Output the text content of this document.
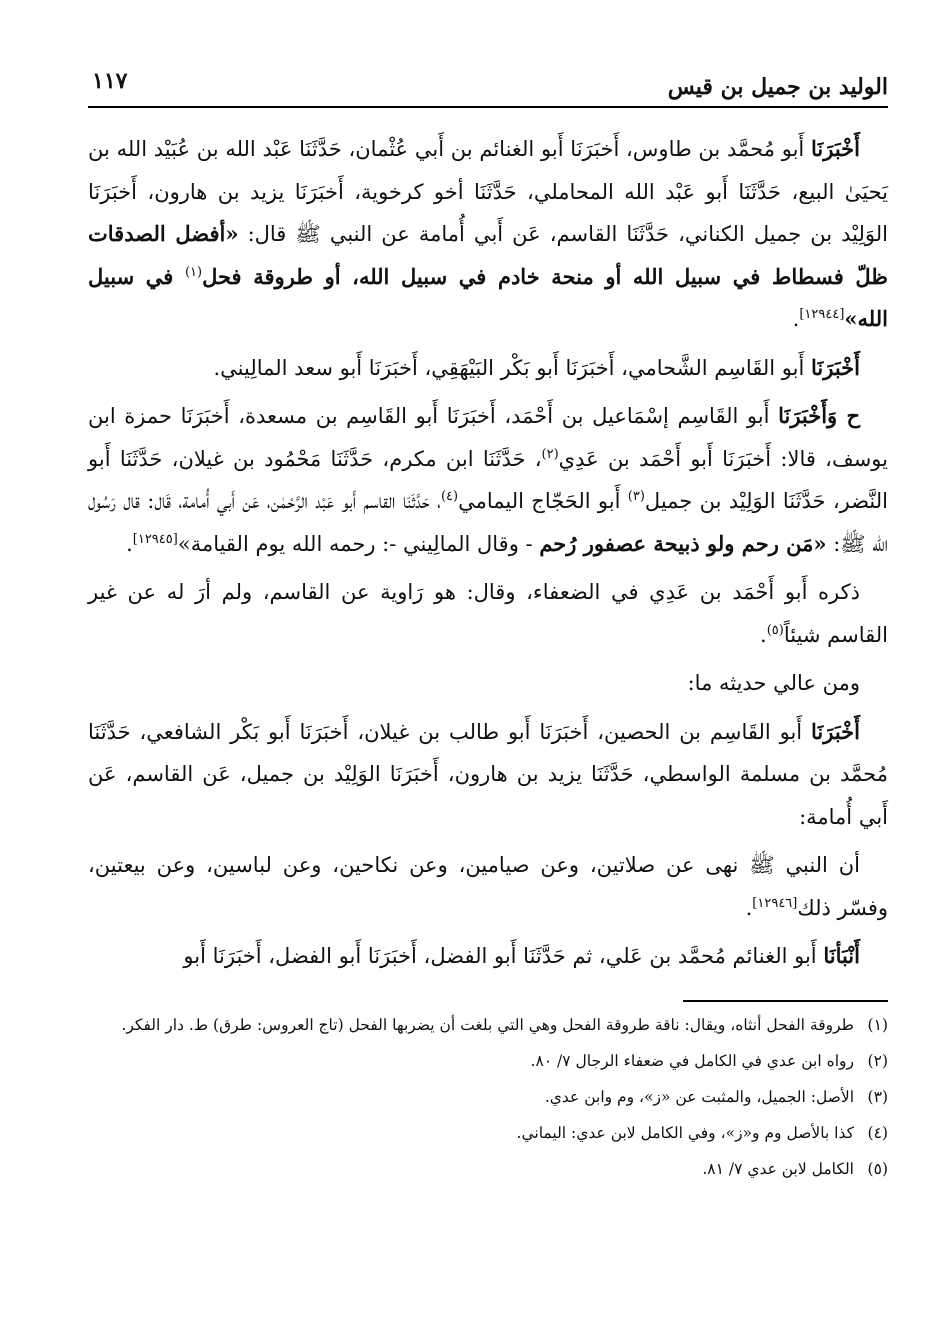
الوليد بن جميل بن قيس
١١٧

أَخْبَرَنَا أَبو مُحمَّد بن طاوس، أَخبَرَنَا أَبو الغنائم بن أَبي عُثْمان، حَدَّثَنَا عَبْد الله بن عُبَيْد الله بن يَحيَىٰ البيع، حَدَّثَنَا أَبو عَبْد الله المحاملي، حَدَّثَنَا أخو كرخوية، أَخبَرَنَا يزيد بن هارون، أَخبَرَنَا الوَلِيْد بن جميل الكناني، حَدَّثَنَا القاسم، عَن أَبي أُمامة عن النبي ﷺ قال: «أفضل الصدقات ظلّ فسطاط في سبيل الله أو منحة خادم في سبيل الله، أو طروقة فحل$^{(١)}$ في سبيل الله»[١٢٩٤٤].

أَخْبَرَنَا أَبو القَاسِم الشَّحامي، أَخبَرَنَا أَبو بَكْر البَيْهَقِي، أَخبَرَنَا أَبو سعد المالِيني.

ح وَأَخْبَرَنَا أَبو القَاسِم إسْمَاعيل بن أَحْمَد، أَخبَرَنَا أَبو القَاسِم بن مسعدة، أَخبَرَنَا حمزة ابن يوسف، قالا: أَخبَرَنَا أَبو أَحْمَد بن عَدِي$^{(٢)}$، حَدَّثَنَا ابن مكرم، حَدَّثَنَا مَحْمُود بن غيلان، حَدَّثَنَا أَبو النَّضر، حَدَّثَنَا الوَلِيْد بن جميل$^{(٣)}$ أَبو الحَجّاج اليمامي$^{(٤)}$، حَدَّثَنَا القاسم أَبو عَبْد الرَّحْمٰن، عَن أَبي أُمامة، قَال: قال رَسُول الله ﷺ: «مَن رحم ولو ذبيحة عصفور رُحم - وقال المالِيني -: رحمه الله يوم القيامة»[١٢٩٤٥].

ذكره أَبو أَحْمَد بن عَدِي في الضعفاء، وقال: هو رَاوية عن القاسم، ولم أرَ له عن غير القاسم شيئاً$^{(٥)}$.

ومن عالي حديثه ما:

أَخْبَرَنَا أَبو القَاسِم بن الحصين، أَخبَرَنَا أَبو طالب بن غيلان، أَخبَرَنَا أَبو بَكْر الشافعي، حَدَّثَنَا مُحمَّد بن مسلمة الواسطي، حَدَّثَنَا يزيد بن هارون، أَخبَرَنَا الوَلِيْد بن جميل، عَن القاسم، عَن أَبي أُمامة:

أن النبي ﷺ نهى عن صلاتين، وعن صيامين، وعن نكاحين، وعن لباسين، وعن بيعتين، وفسّر ذلك[١٢٩٤٦].

أَنْبَأنَا أَبو الغنائم مُحمَّد بن عَلي، ثم حَدَّثَنَا أَبو الفضل، أَخبَرَنَا أَبو الفضل، أَخبَرَنَا أَبو

(١)
طروقة الفحل أنثاه، ويقال: ناقة طروقة الفحل وهي التي بلغت أن يضربها الفحل (تاج العروس: طرق) ط. دار الفكر.
(٢)
رواه ابن عدي في الكامل في ضعفاء الرجال ٧/ ٨٠.
(٣)
الأصل: الجميل، والمثبت عن «ز»، وم وابن عدي.
(٤)
كذا بالأصل وم و«ز»، وفي الكامل لابن عدي: اليماني.
(٥)
الكامل لابن عدي ٧/ ٨١.
